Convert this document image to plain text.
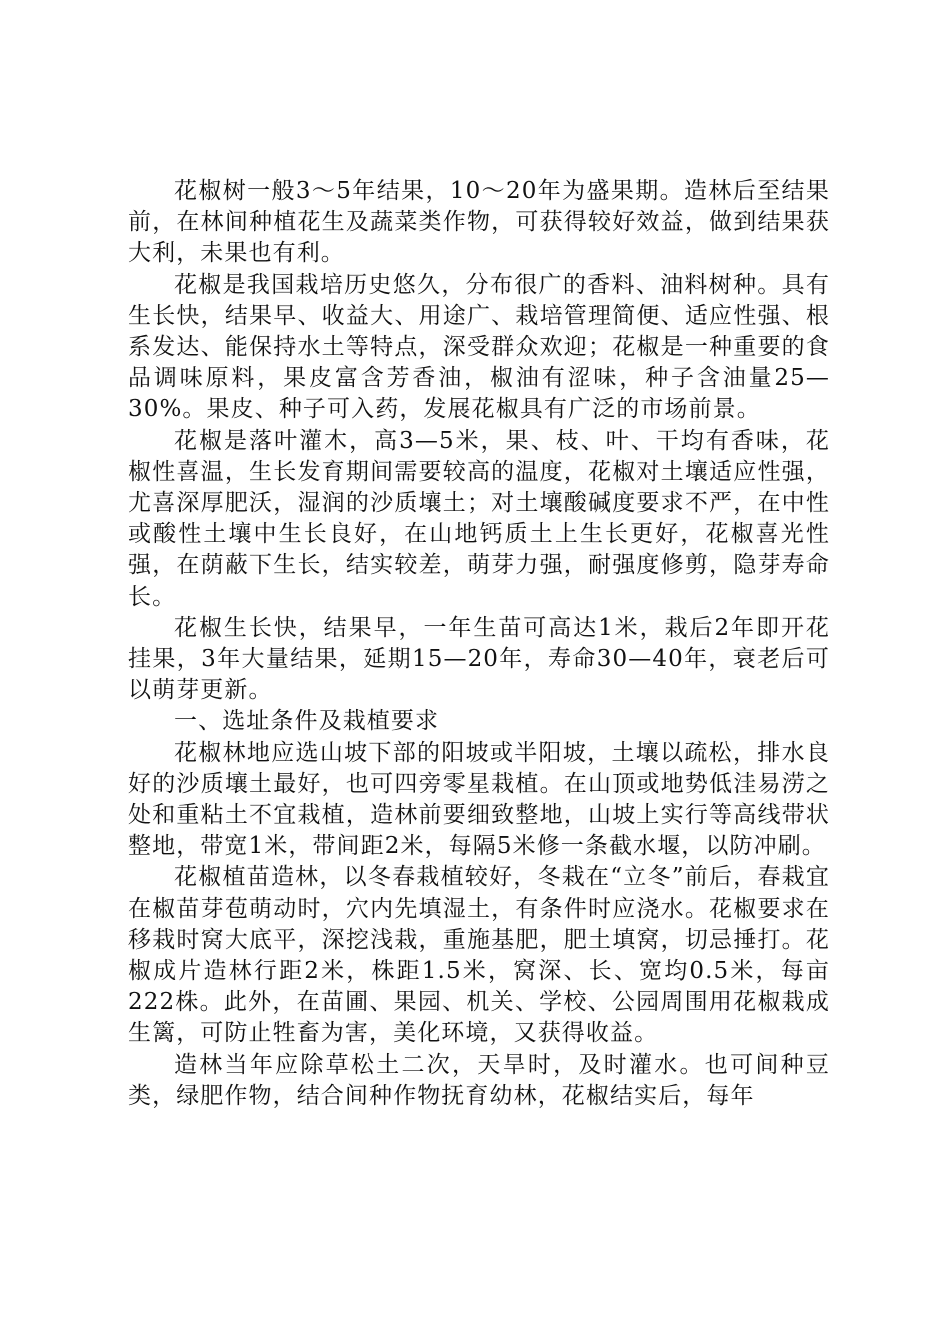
花椒树一般3～5年结果，10～20年为盛果期。造林后至结果前，在林间种植花生及蔬菜类作物，可获得较好效益，做到结果获大利，未果也有利。

花椒是我国栽培历史悠久，分布很广的香料、油料树种。具有生长快，结果早、收益大、用途广、栽培管理简便、适应性强、根系发达、能保持水土等特点，深受群众欢迎；花椒是一种重要的食品调味原料，果皮富含芳香油，椒油有涩味，种子含油量25—30%。果皮、种子可入药，发展花椒具有广泛的市场前景。

花椒是落叶灌木，高3—5米，果、枝、叶、干均有香味，花椒性喜温，生长发育期间需要较高的温度，花椒对土壤适应性强，尤喜深厚肥沃，湿润的沙质壤土；对土壤酸碱度要求不严，在中性或酸性土壤中生长良好，在山地钙质土上生长更好，花椒喜光性强，在荫蔽下生长，结实较差，萌芽力强，耐强度修剪，隐芽寿命长。

花椒生长快，结果早，一年生苗可高达1米，栽后2年即开花挂果，3年大量结果，延期15—20年，寿命30—40年，衰老后可以萌芽更新。

一、选址条件及栽植要求

花椒林地应选山坡下部的阳坡或半阳坡，土壤以疏松，排水良好的沙质壤土最好，也可四旁零星栽植。在山顶或地势低洼易涝之处和重粘土不宜栽植，造林前要细致整地，山坡上实行等高线带状整地，带宽1米，带间距2米，每隔5米修一条截水堰，以防冲刷。

花椒植苗造林，以冬春栽植较好，冬栽在“立冬”前后，春栽宜在椒苗芽苞萌动时，穴内先填湿土，有条件时应浇水。花椒要求在移栽时窝大底平，深挖浅栽，重施基肥，肥土填窝，切忌捶打。花椒成片造林行距2米，株距1.5米，窝深、长、宽均0.5米，每亩222株。此外，在苗圃、果园、机关、学校、公园周围用花椒栽成生篱，可防止牲畜为害，美化环境，又获得收益。

造林当年应除草松土二次，天旱时，及时灌水。也可间种豆类，绿肥作物，结合间种作物抚育幼林，花椒结实后，每年
